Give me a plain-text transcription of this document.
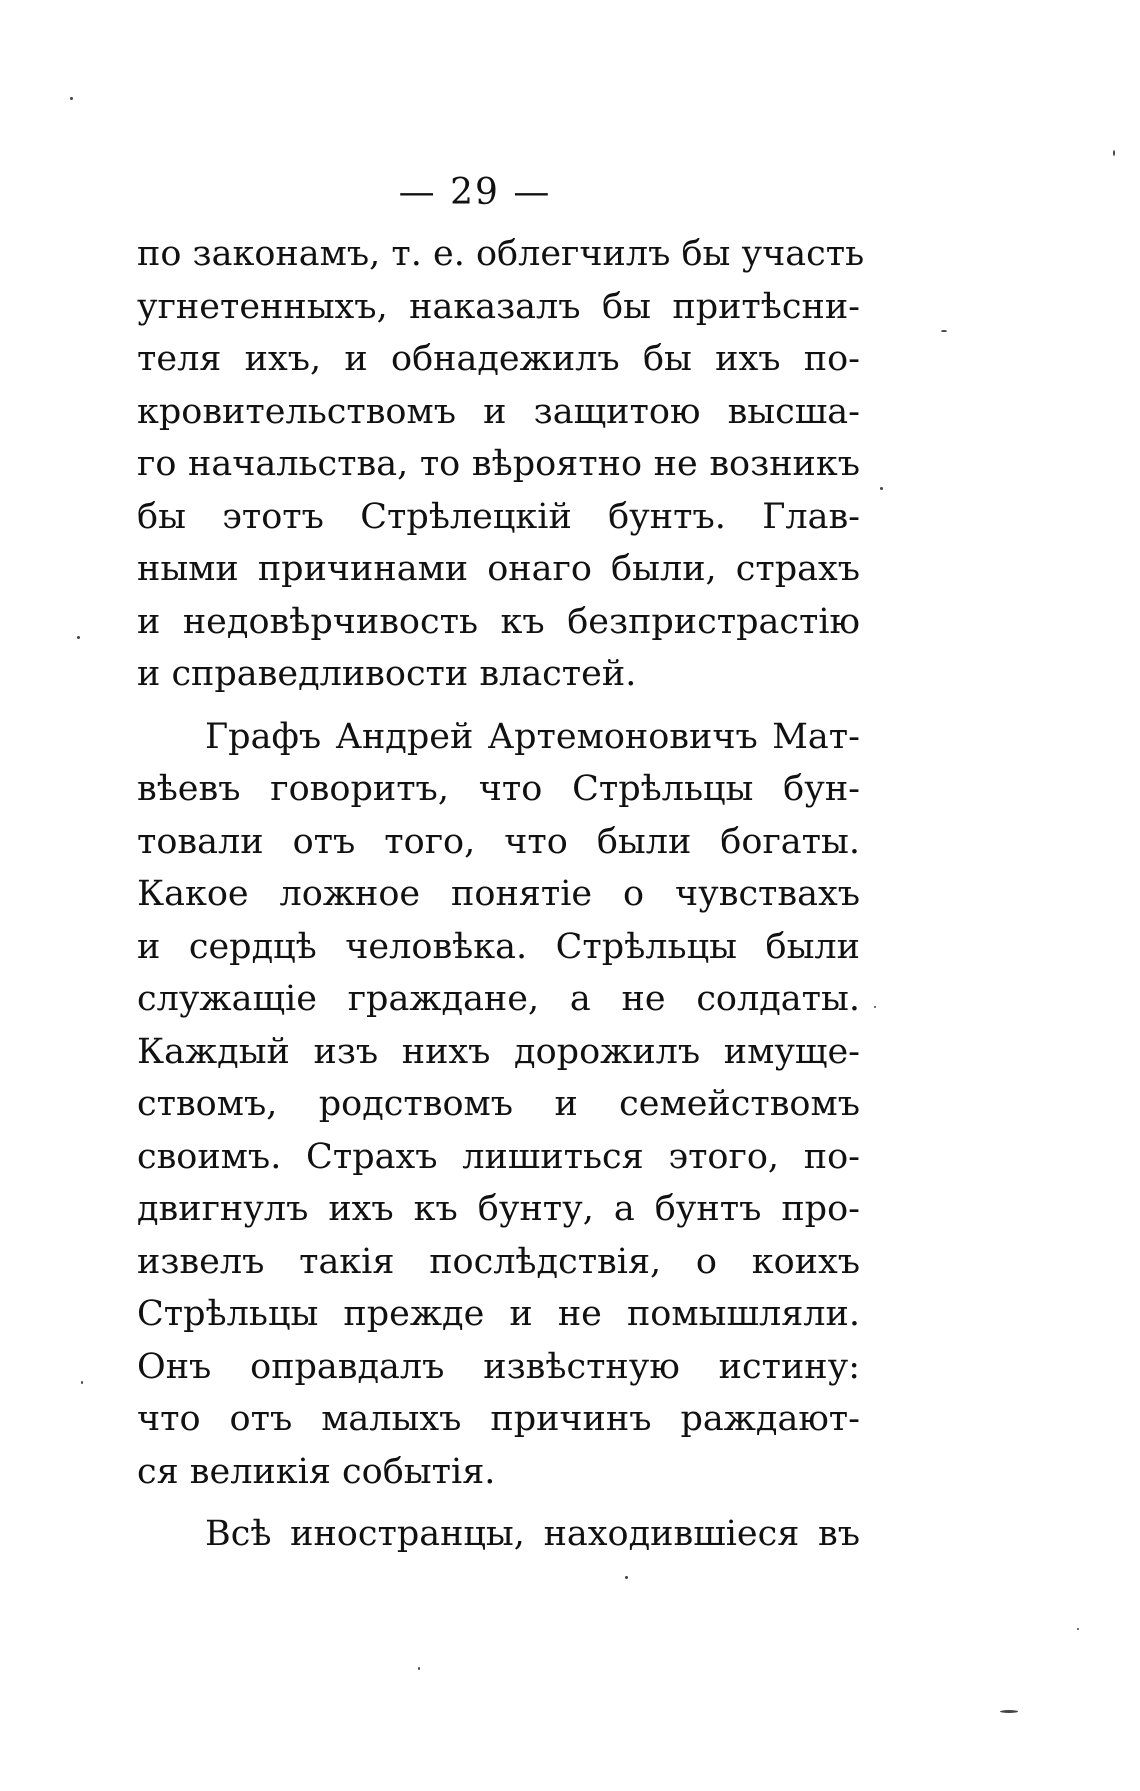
— 29 —
по законамъ, т. е. облегчилъ бы участь
угнетенныхъ, наказалъ бы притѣсни-
теля ихъ, и обнадежилъ бы ихъ по-
кровительствомъ и защитою высша-
го начальства, то вѣроятно не возникъ
бы этотъ Стрѣлецкій бунтъ. Глав-
ными причинами онаго были, страхъ
и недовѣрчивость къ безпристрастію
и справедливости властей.
Графъ Андрей Артемоновичъ Мат-
вѣевъ говоритъ, что Стрѣльцы бун-
товали отъ того, что были богаты.
Какое ложное понятіе о чувствахъ
и сердцѣ человѣка. Стрѣльцы были
служащіе граждане, а не солдаты.
Каждый изъ нихъ дорожилъ имуще-
ствомъ, родствомъ и семействомъ
своимъ. Страхъ лишиться этого, по-
двигнулъ ихъ къ бунту, а бунтъ про-
извелъ такія послѣдствія, о коихъ
Стрѣльцы прежде и не помышляли.
Онъ оправдалъ извѣстную истину:
что отъ малыхъ причинъ раждают-
ся великія событія.
Всѣ иностранцы, находившіеся въ
